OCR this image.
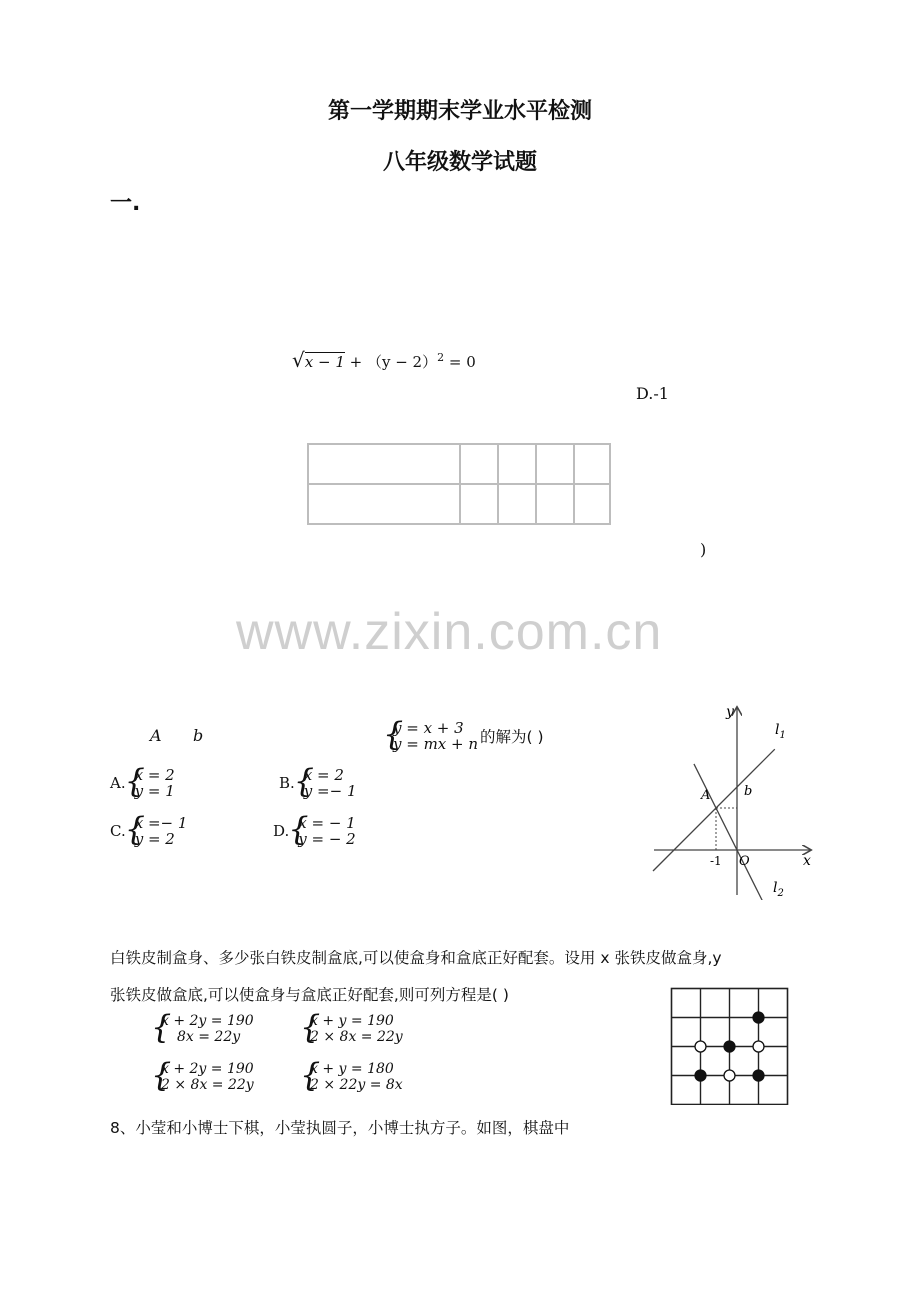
第一学期期末学业水平检测
八年级数学试题
一.
$√x - 1 + (y - 2)^2 = 0$
D.-1

)
www.zixin.com.cn
A b	{ y = x + 3
y = mx + n 的解为( )
A. { x = 2
y = 1	B. { x = 2
y =− 1
C. { x =− 1
y = 2	D. { x = − 1
y = − 2
y
x
$l_1$
$l_2$
A	b
-1 O
白铁皮制盒身、多少张白铁皮制盒底,可以使盒身和盒底正好配套。设用 x 张铁皮做盒身,y
张铁皮做盒底,可以使盒身与盒底正好配套,则可列方程是( )
{ x + 2y = 190
8x = 22y
{ x + y = 190
2 × 8x = 22y
{ x + 2y = 190
2 × 8x = 22y
{ x + y = 180
2 × 22y = 8x
8、小莹和小博士下棋，小莹执圆子，小博士执方子。如图，棋盘中
